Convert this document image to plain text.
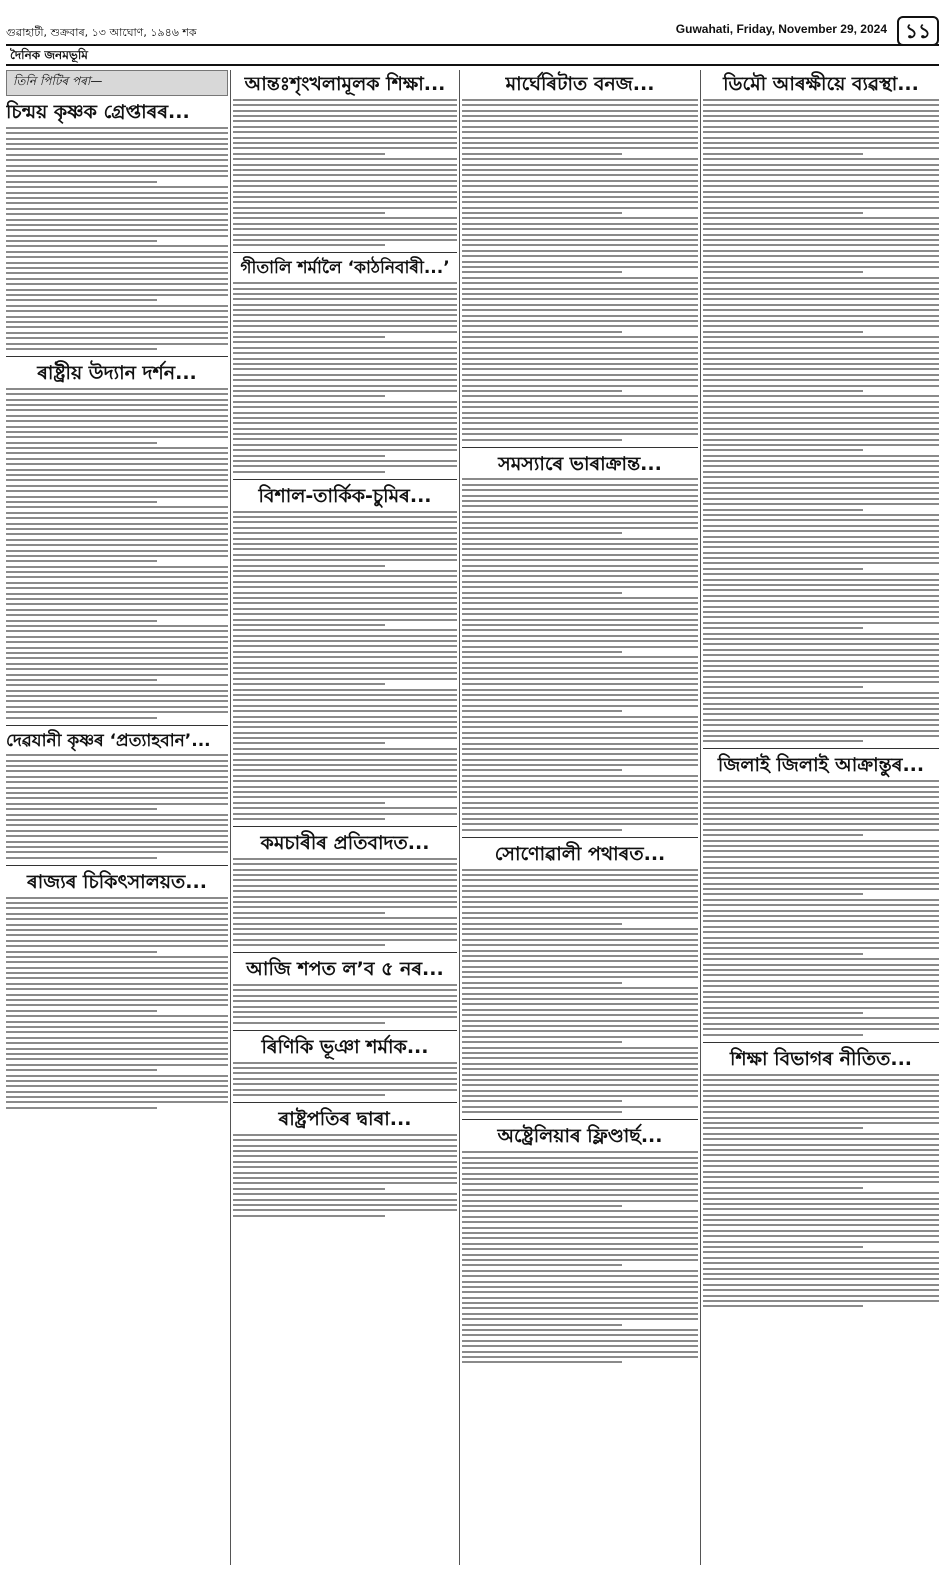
গুৱাহাটী, শুক্ৰবাৰ, ১৩ আঘোণ, ১৯৪৬ শক	Guwahati, Friday, November 29, 2024 ১১
দৈনিক জনমভূমি
তিনি পিটিৰ পৰা—
চিন্ময় কৃষ্ণক গ্ৰেপ্তাৰৰ...
ৰাষ্ট্ৰীয় উদ্যান দৰ্শন...
দেৱযানী কৃষ্ণৰ ‘প্ৰত্যাহবান’...
ৰাজ্যৰ চিকিৎসালয়ত...
আন্তঃশৃংখলামূলক শিক্ষা...
গীতালি শৰ্মালৈ ‘কাঠনিবাৰী...’
বিশাল-তাৰ্কিক-চুমিৰ...
কমচাৰীৰ প্ৰতিবাদত...
আজি শপত ল’ব ৫ নৰ...
ৰিণিকি ভূঞা শৰ্মাক...
ৰাষ্ট্ৰপতিৰ দ্বাৰা...
মাৰ্ঘেৰিটাত বনজ...
সমস্যাৰে ভাৰাক্ৰান্ত...
সোণোৱালী পথাৰত...
অষ্ট্ৰেলিয়াৰ ফ্লিণ্ডাৰ্ছ...
ডিমৌ আৰক্ষীয়ে ব্যৱস্থা...
জিলাই জিলাই আক্ৰান্তুৰ...
শিক্ষা বিভাগৰ নীতিত...
